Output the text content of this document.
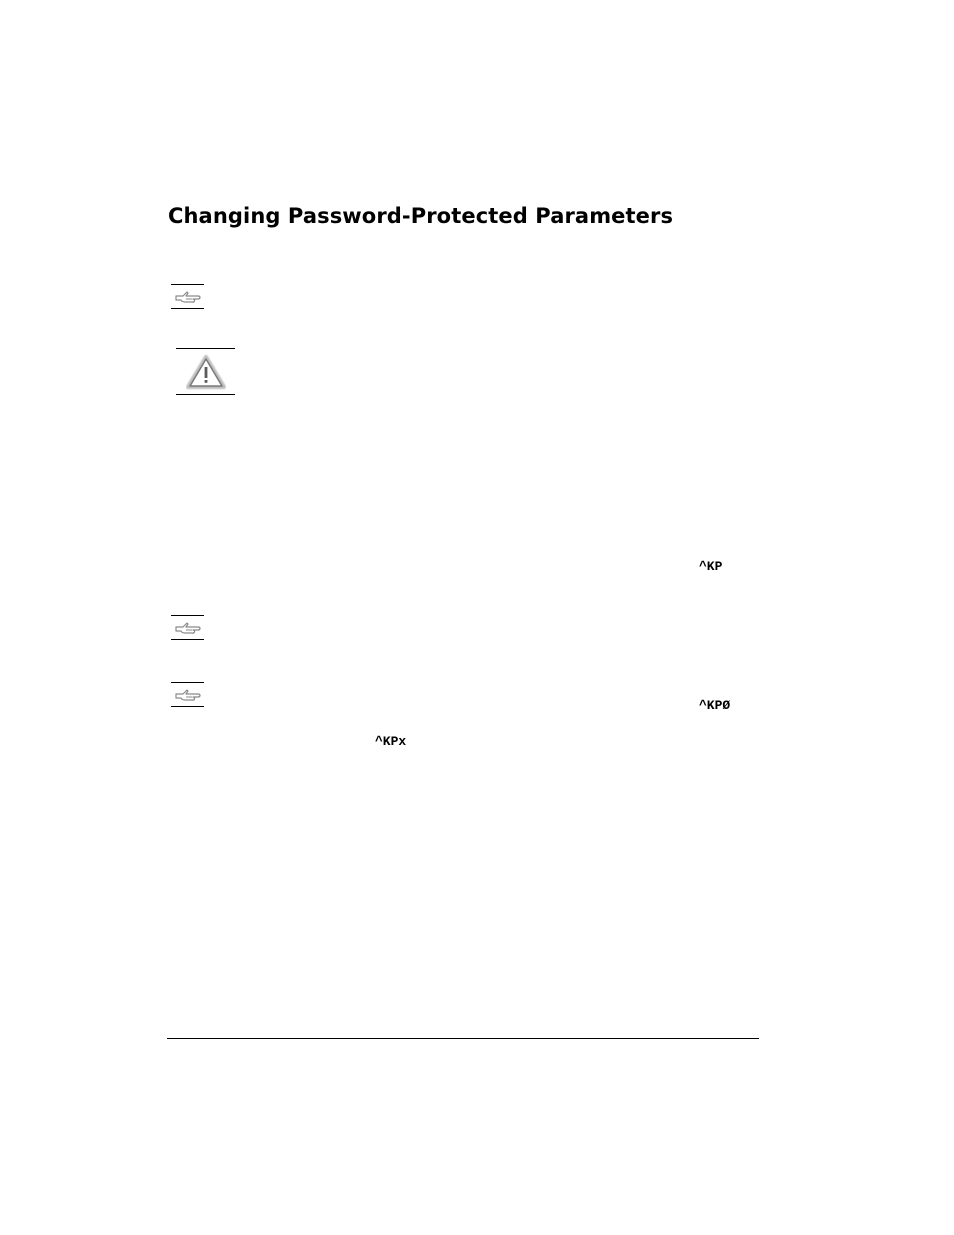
Changing Password-Protected Parameters
^KP
^KPØ
^KPx
